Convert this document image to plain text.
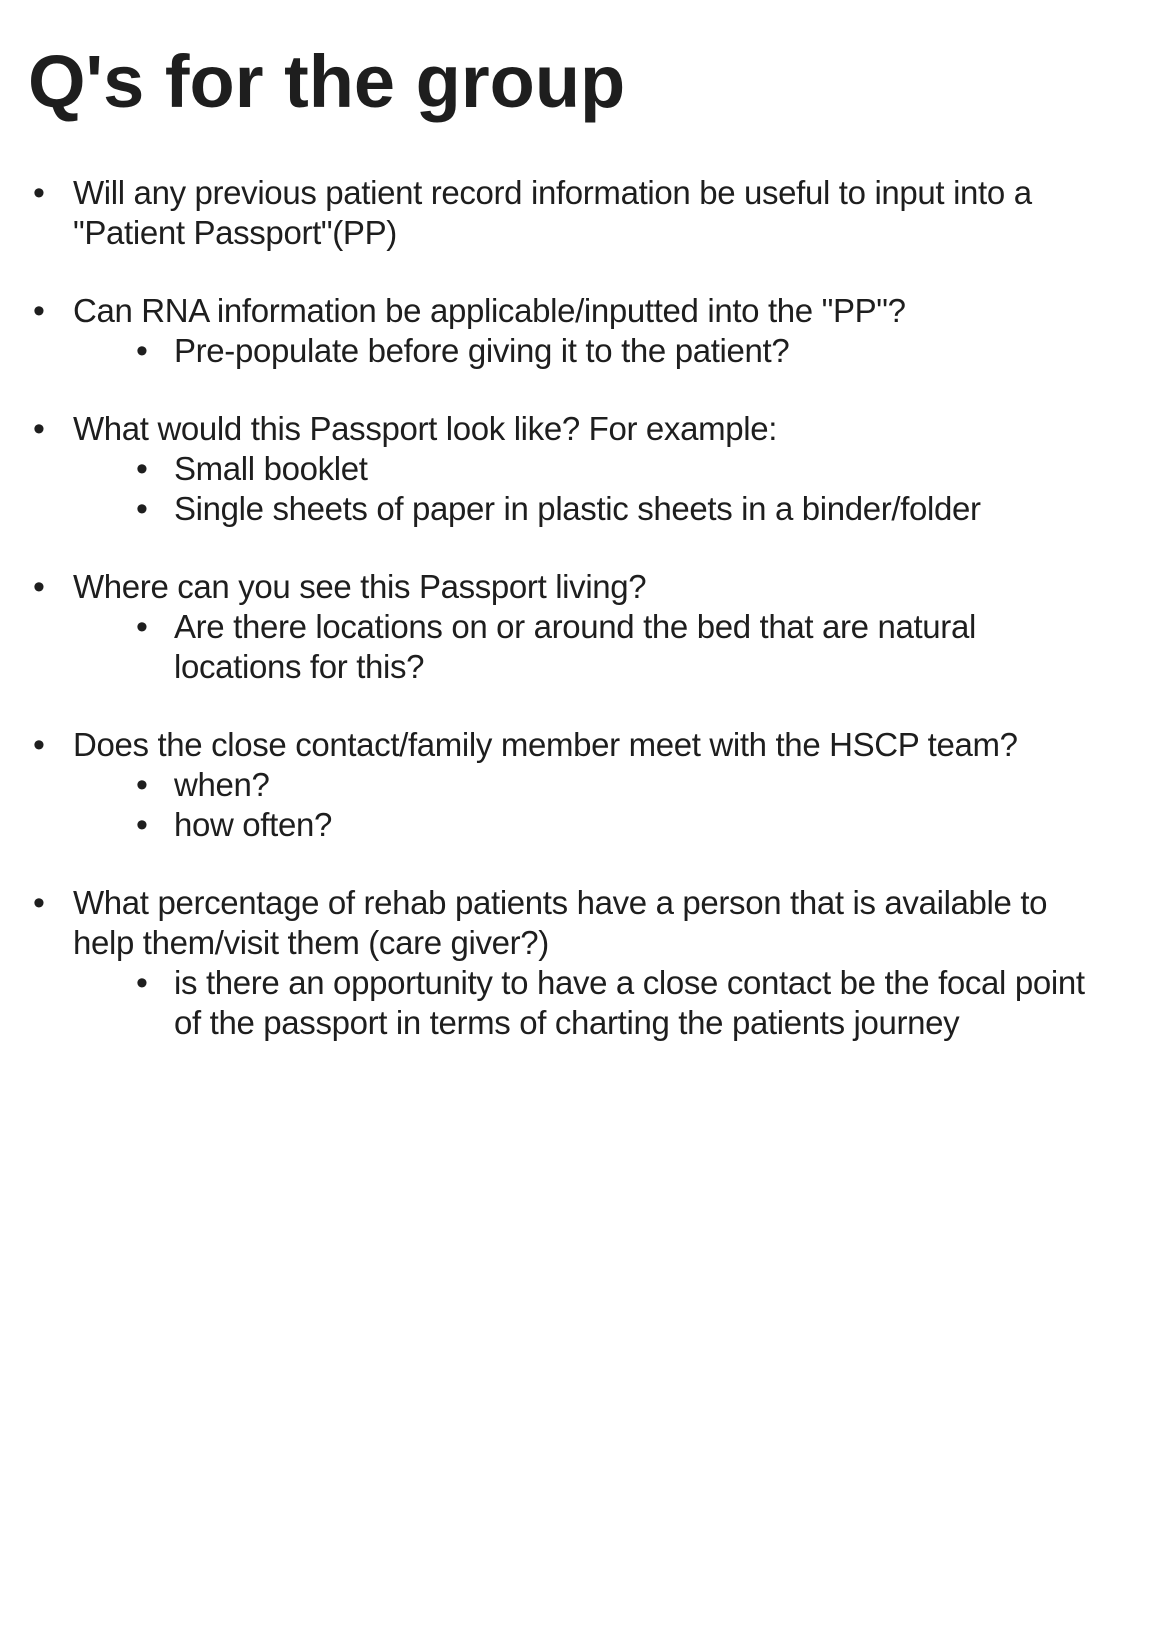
Q's for the group
• Will any previous patient record information be useful to input into a "Patient Passport"(PP)
• Can RNA information be applicable/inputted into the "PP"?
• Pre-populate before giving it to the patient?
• What would this Passport look like? For example:
• Small booklet
• Single sheets of paper in plastic sheets in a binder/folder
• Where can you see this Passport living?
• Are there locations on or around the bed that are natural locations for this?
• Does the close contact/family member meet with the HSCP team?
• when?
• how often?
• What percentage of rehab patients have a person that is available to help them/visit them (care giver?)
• is there an opportunity to have a close contact be the focal point of the passport in terms of charting the patients journey
